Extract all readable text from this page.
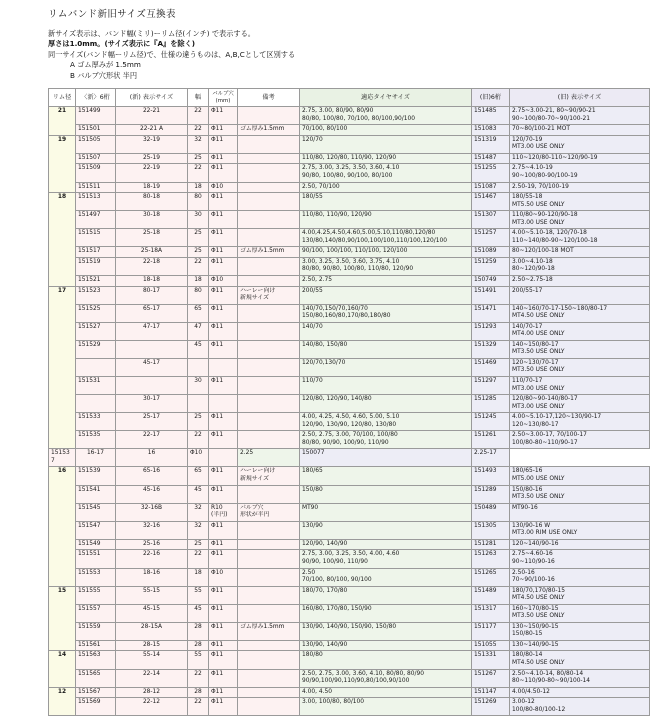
リムバンド新旧サイズ互換表
新サイズ表示は、バンド幅(ミリ)ーリム径(インチ) で表示する。
厚さは1.0mm。(サイズ表示に『A』を除く)
同一サイズ(バンド幅ーリム径)で、仕様の違うものは、A,B,Cとして区別する
A ゴム厚みが 1.5mm
B バルブ穴形状 半円
リム径	〈新〉6桁	(新) 表示サイズ	幅	バルブ穴
(mm)	備考	適応タイヤサイズ	(旧)6桁	(旧) 表示サイズ
21	151499	22-21	22	Φ11		2.75, 3.00, 80/90, 80/90
80/80, 100/80, 70/100, 80/100,90/100	151485	2.75~3.00-21, 80~90/90-21
90~100/80-70~90/100-21

	151501	22-21 A	22	Φ11	ゴム厚み1.5mm	70/100, 80/100	151083	70~80/100-21 MOT

19	151505	32-19	32	Φ11		120/70	151319	120/70-19
MT3.00 USE ONLY

	151507	25-19	25	Φ11		110/80, 120/80, 110/90, 120/90	151487	110~120/80-110~120/90-19

	151509	22-19	22	Φ11		2.75, 3.00, 3.25, 3.50, 3.60, 4.10
90/80, 100/80, 90/100, 80/100	151255	2.75~4.10-19
90~100/80-90/100-19

	151511	18-19	18	Φ10		2.50, 70/100	151087	2.50-19, 70/100-19

18	151513	80-18	80	Φ11		180/55	151467	180/55-18
MT5.50 USE ONLY

	151497	30-18	30	Φ11		110/80, 110/90, 120/90	151307	110/80~90-120/90-18
MT3.00 USE ONLY

	151515	25-18	25	Φ11		4.00,4.25,4.50,4.60,5.00,5.10,110/80,120/80
130/80,140/80,90/100,100/100,110/100,120/100	151257	4.00~5.10-18, 120/70-18
110~140/80-90~120/100-18

	151517	25-18A	25	Φ11	ゴム厚み1.5mm	90/100, 100/100, 110/100, 120/100	151089	80~120/100-18 MOT

	151519	22-18	22	Φ11		3.00, 3.25, 3.50, 3.60, 3.75, 4.10
80/80, 90/80, 100/80, 110/80, 120/90	151259	3.00~4.10-18
80~120/90-18

	151521	18-18	18	Φ10		2.50, 2.75	150749	2.50~2.75-18

17	151523	80-17	80	Φ11	ハーレー向け
新規サイズ	200/55	151491	200/55-17

	151525	65-17	65	Φ11		140/70,150/70,160/70
150/80,160/80,170/80,180/80	151471	140~160/70-17-150~180/80-17
MT4.50 USE ONLY

	151527	47-17	47	Φ11		140/70	151293	140/70-17
MT4.00 USE ONLY

	151529		45	Φ11		140/80, 150/80	151329	140~150/80-17
MT3.50 USE ONLY

		45-17				120/70,130/70	151469	120~130/70-17
MT3.50 USE ONLY

	151531		30	Φ11		110/70	151297	110/70-17
MT3.00 USE ONLY

		30-17				120/80, 120/90, 140/80	151285	120/80~90-140/80-17
MT3.00 USE ONLY

	151533	25-17	25	Φ11		4.00, 4.25, 4.50, 4.60, 5.00, 5.10
120/90, 130/90, 120/80, 130/80	151245	4.00~5.10-17,120~130/90-17
120~130/80-17

	151535	22-17	22	Φ11		2.50, 2.75, 3.00, 70/100, 100/80
80/80, 90/90, 100/90, 110/90	151261	2.50~3.00-17, 70/100-17
100/80-80~110/90-17

151537	16-17	16	Φ10		2.25	150077	2.25-17	

16	151539	65-16	65	Φ11	ハーレー向け
新規サイズ	180/65	151493	180/65-16
MT5.00 USE ONLY

	151541	45-16	45	Φ11		150/80	151289	150/80-16
MT3.50 USE ONLY

	151545	32-16B	32	R10
(半円)	バルブ穴
形状が半円	MT90	150489	MT90-16

	151547	32-16	32	Φ11		130/90	151305	130/90-16 W
MT3.00 RIM USE ONLY

	151549	25-16	25	Φ11		120/90, 140/90	151281	120~140/90-16

	151551	22-16	22	Φ11		2.75, 3.00, 3.25, 3.50, 4.00, 4.60
90/90, 100/90, 110/90	151263	2.75~4.60-16
90~110/90-16

	151553	18-16	18	Φ10		2.50
70/100, 80/100, 90/100	151265	2.50-16
70~90/100-16

15	151555	55-15	55	Φ11		180/70, 170/80	151489	180/70,170/80-15
MT4.50 USE ONLY

	151557	45-15	45	Φ11		160/80, 170/80, 150/90	151317	160~170/80-15
MT3.50 USE ONLY

	151559	28-15A	28	Φ11	ゴム厚み1.5mm	130/90, 140/90, 150/90, 150/80	151177	130~150/90-15
150/80-15

	151561	28-15	28	Φ11		130/90, 140/90	151055	130~140/90-15

14	151563	55-14	55	Φ11		180/80	151331	180/80-14
MT4.50 USE ONLY

	151565	22-14	22	Φ11		2.50, 2.75, 3.00, 3.60, 4.10, 80/80, 80/90
90/90,100/90,110/90,80/100,90/100	151267	2.50~4.10-14, 80/80-14
80~110/90-80~90/100-14

12	151567	28-12	28	Φ11		4.00, 4.50	151147	4.00/4.50-12

	151569	22-12	22	Φ11		3.00, 100/80, 80/100	151269	3.00-12
100/80-80/100-12
